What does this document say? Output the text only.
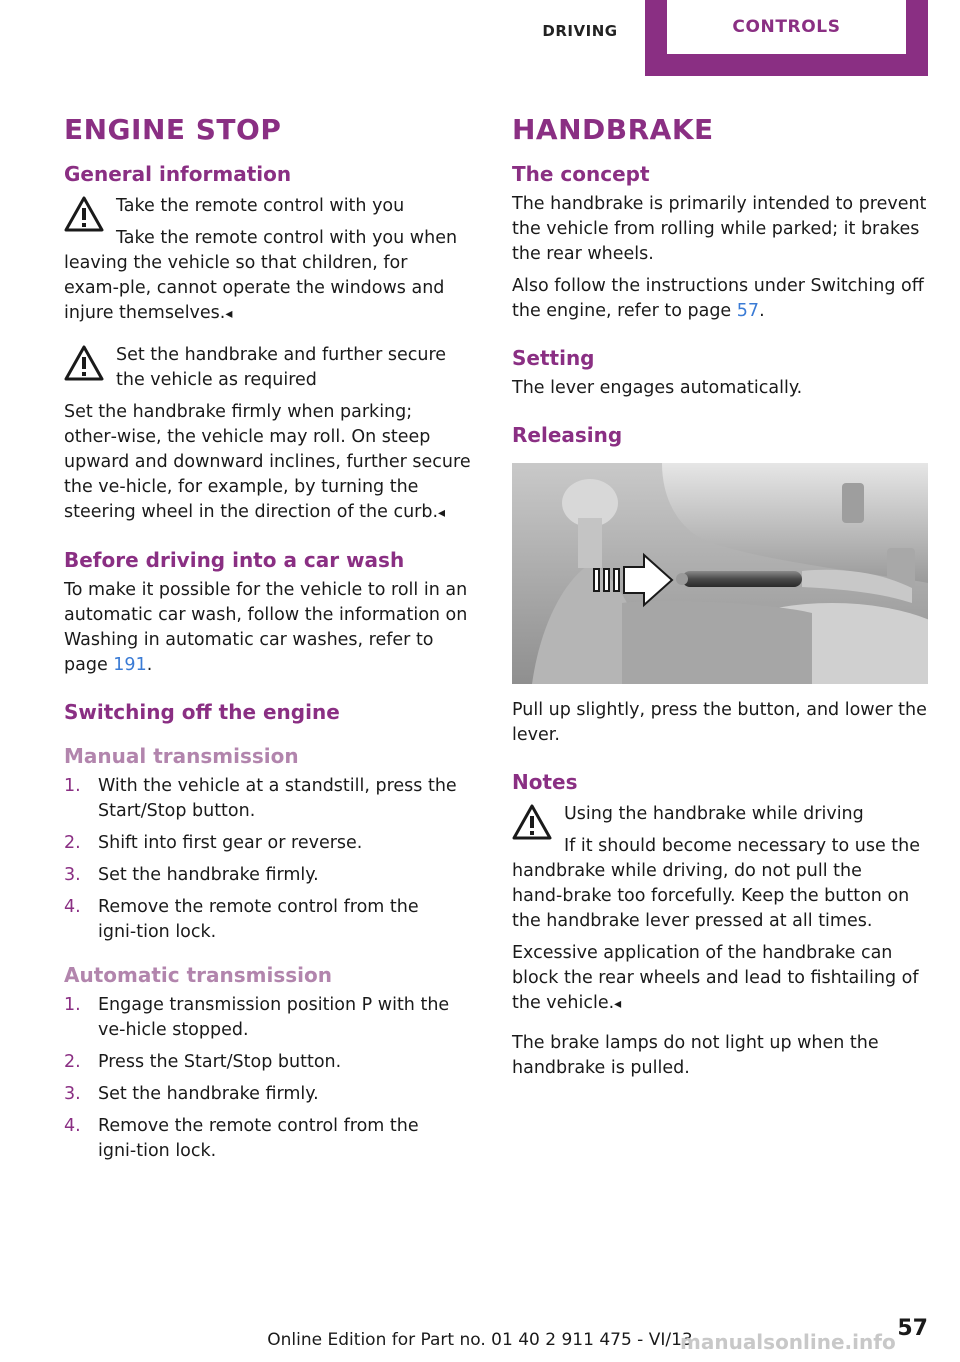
DRIVING	CONTROLS
ENGINE STOP
General information
Take the remote control with you
Take the remote control with you when

leaving the vehicle so that children, for exam‑ple, cannot operate the windows and injure themselves.◂

Set the handbrake and further secure the vehicle as required

Set the handbrake firmly when parking; other‑wise, the vehicle may roll. On steep upward and downward inclines, further secure the ve‑hicle, for example, by turning the steering wheel in the direction of the curb.◂

Before driving into a car wash

To make it possible for the vehicle to roll in an automatic car wash, follow the information on Washing in automatic car washes, refer to page 191.

Switching off the engine
Manual transmission
1. With the vehicle at a standstill, press the Start/Stop button.
2. Shift into first gear or reverse.
3. Set the handbrake firmly.
4. Remove the remote control from the igni‑tion lock.
Automatic transmission
1. Engage transmission position P with the ve‑hicle stopped.
2. Press the Start/Stop button.
3. Set the handbrake firmly.
4. Remove the remote control from the igni‑tion lock.
HANDBRAKE
The concept

The handbrake is primarily intended to prevent the vehicle from rolling while parked; it brakes the rear wheels.

Also follow the instructions under Switching off the engine, refer to page 57.

Setting

The lever engages automatically.

Releasing

Pull up slightly, press the button, and lower the lever.

Notes
Using the handbrake while driving
If it should become necessary to use the

handbrake while driving, do not pull the hand‑brake too forcefully. Keep the button on the handbrake lever pressed at all times.

Excessive application of the handbrake can block the rear wheels and lead to fishtailing of the vehicle.◂

The brake lamps do not light up when the handbrake is pulled.

57
Online Edition for Part no. 01 40 2 911 475 - VI/13
manualsonline.info
